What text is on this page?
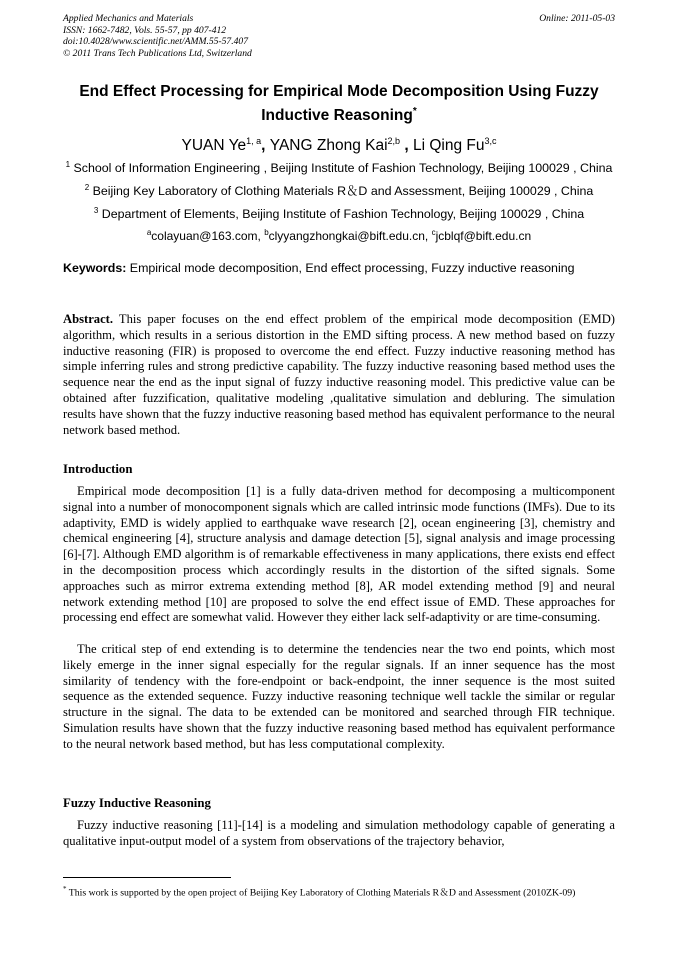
Applied Mechanics and Materials
ISSN: 1662-7482, Vols. 55-57, pp 407-412
doi:10.4028/www.scientific.net/AMM.55-57.407
© 2011 Trans Tech Publications Ltd, Switzerland
Online: 2011-05-03
End Effect Processing for Empirical Mode Decomposition Using Fuzzy
Inductive Reasoning*
YUAN Ye$^{1, a}$, YANG Zhong Kai$^{2,b}$ , Li Qing Fu$^{3,c}$
$^1$ School of Information Engineering , Beijing Institute of Fashion Technology, Beijing 100029 , China
$^2$ Beijing Key Laboratory of Clothing Materials R＆D and Assessment, Beijing 100029 , China
$^3$ Department of Elements, Beijing Institute of Fashion Technology, Beijing 100029 , China
$^a$colayuan@163.com, $^b$clyyangzhongkai@bift.edu.cn, $^c$jcblqf@bift.edu.cn
Keywords: Empirical mode decomposition, End effect processing, Fuzzy inductive reasoning

Abstract. This paper focuses on the end effect problem of the empirical mode decomposition (EMD) algorithm, which results in a serious distortion in the EMD sifting process. A new method based on fuzzy inductive reasoning (FIR) is proposed to overcome the end effect. Fuzzy inductive reasoning method has simple inferring rules and strong predictive capability. The fuzzy inductive reasoning based method uses the sequence near the end as the input signal of fuzzy inductive reasoning model. This predictive value can be obtained after fuzzification, qualitative modeling ,qualitative simulation and debluring. The simulation results have shown that the fuzzy inductive reasoning based method has equivalent performance to the neural network based method.

Introduction

Empirical mode decomposition [1] is a fully data-driven method for decomposing a multicomponent signal into a number of monocomponent signals which are called intrinsic mode functions (IMFs). Due to its adaptivity, EMD is widely applied to earthquake wave research [2], ocean engineering [3], chemistry and chemical engineering [4], structure analysis and damage detection [5], signal analysis and image processing [6]-[7]. Although EMD algorithm is of remarkable effectiveness in many applications, there exists end effect in the decomposition process which accordingly results in the distortion of the sifted signals. Some approaches such as mirror extrema extending method [8], AR model extending method [9] and neural network extending method [10] are proposed to solve the end effect issue of EMD. These approaches for processing end effect are somewhat valid. However they either lack self-adaptivity or are time-consuming.

The critical step of end extending is to determine the tendencies near the two end points, which most likely emerge in the inner signal especially for the regular signals. If an inner sequence has the most similarity of tendency with the fore-endpoint or back-endpoint, the inner sequence is the most suited sequence as the extended sequence. Fuzzy inductive reasoning technique well tackle the similar or regular structure in the signal. The data to be extended can be monitored and searched through FIR technique. Simulation results have shown that the fuzzy inductive reasoning based method has equivalent performance to the neural network based method, but has less computational complexity.

Fuzzy Inductive Reasoning

Fuzzy inductive reasoning [11]-[14] is a modeling and simulation methodology capable of generating a qualitative input-output model of a system from observations of the trajectory behavior,

* This work is supported by the open project of Beijing Key Laboratory of Clothing Materials R＆D and Assessment (2010ZK-09)
